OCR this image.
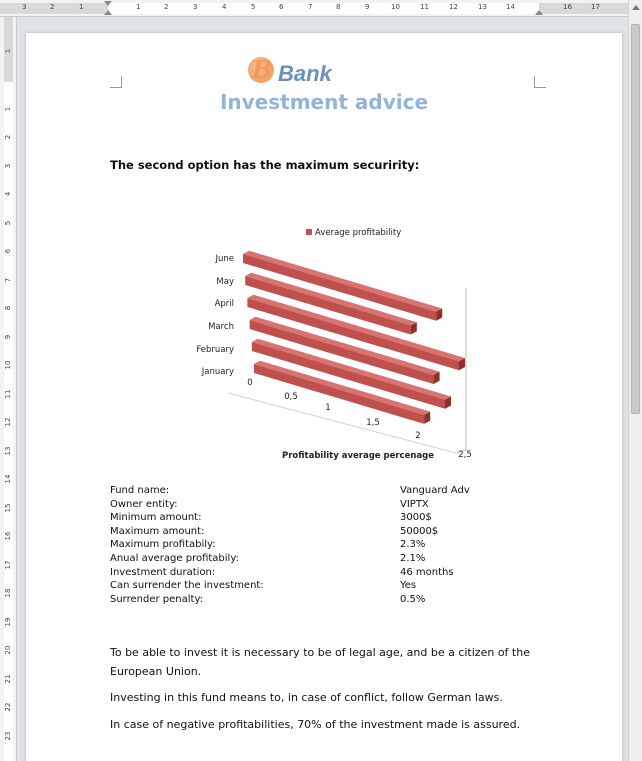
3	2	1	1	2	3	4	5	6	7	8	9	10	11	12	13	14	16	17
1
1
2
3
4
5
6
7
8
9
10
11
12
13
14
15
16
17
18
19
20
21
22
23
B Bank
Investment advice
The second option has the maximum securirity:
Average profitability
January
February
March
April
May
June
0
0,5
1
1,5
2
2,5
Profitability average percenage
Fund name:	Vanguard Adv
Owner entity:	VIPTX
Minimum amount:	3000$
Maximum amount:	50000$
Maximum profitabily:	2.3%
Anual average profitabily:	2.1%
Investment duration:	46 months
Can surrender the investment:	Yes
Surrender penalty:	0.5%
To be able to invest it is necessary to be of legal age, and be a citizen of the European Union.
Investing in this fund means to, in case of conflict, follow German laws.
In case of negative profitabilities, 70% of the investment made is assured.
